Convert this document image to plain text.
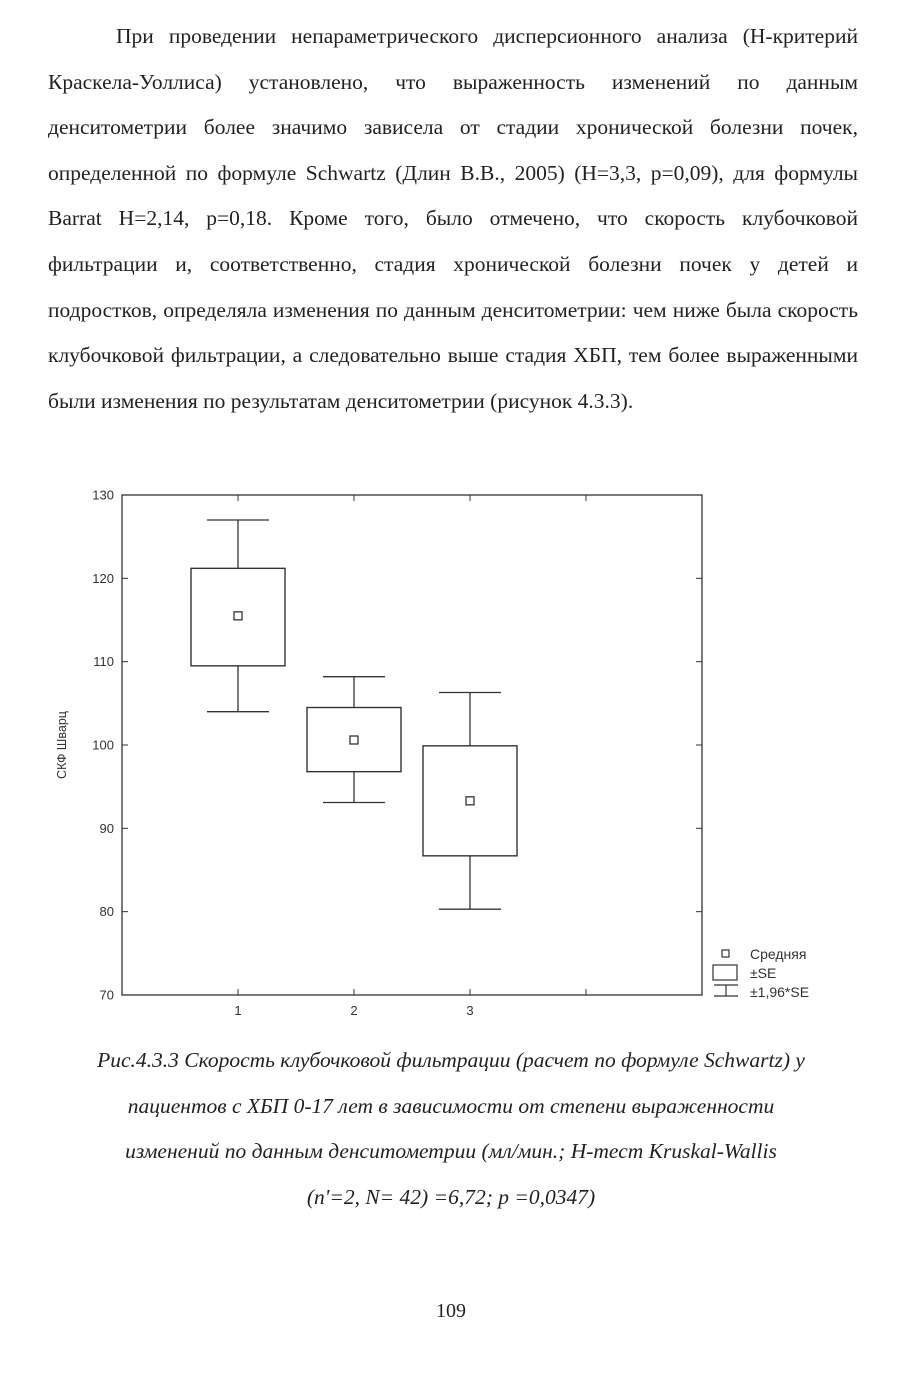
При проведении непараметрического дисперсионного анализа (Н-критерий Краскела-Уоллиса) установлено, что выраженность изменений по данным денситометрии более значимо зависела от стадии хронической болезни почек, определенной по формуле Schwartz (Длин В.В., 2005) (H=3,3, p=0,09), для формулы Barrat H=2,14, p=0,18. Кроме того, было отмечено, что скорость клубочковой фильтрации и, соответственно, стадия хронической болезни почек у детей и подростков, определяла изменения по данным денситометрии: чем ниже была скорость клубочковой фильтрации, а следовательно выше стадия ХБП, тем более выраженными были изменения по результатам денситометрии (рисунок 4.3.3).

СКФ Шварц
70
80
90
100
110
120
130
1	2	3
Средняя
±SE
±1,96*SE
Рис.4.3.3 Скорость клубочковой фильтрации (расчет по формуле Schwartz) у
пациентов с ХБП 0-17 лет в зависимости от степени выраженности
изменений по данным денситометрии (мл/мин.; H-тест Kruskal-Wallis
(n'=2, N= 42) =6,72; p =0,0347)
109
